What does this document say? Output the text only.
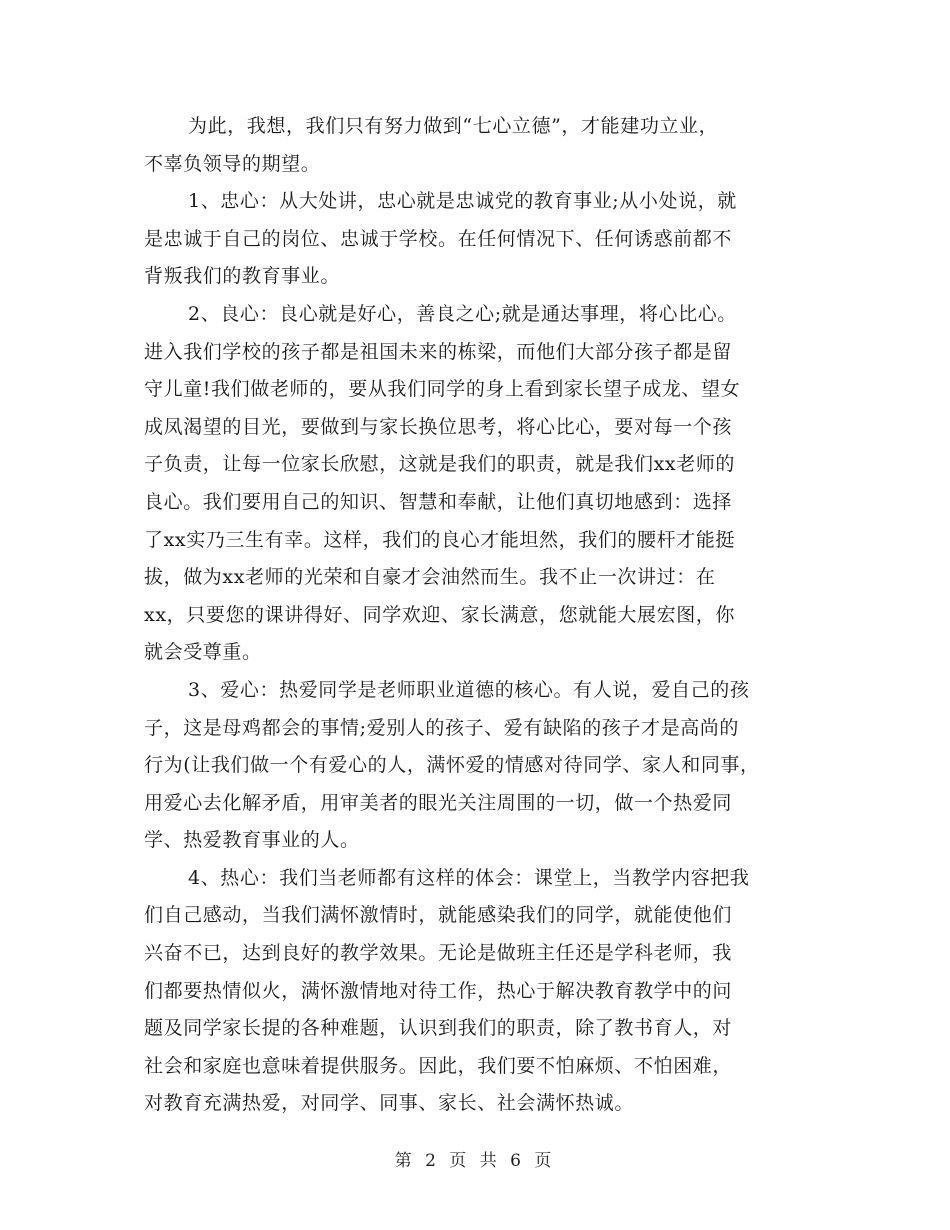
为此，我想，我们只有努力做到“七心立德”，才能建功立业，
不辜负领导的期望。
1、忠心：从大处讲，忠心就是忠诚党的教育事业;从小处说，就
是忠诚于自己的岗位、忠诚于学校。在任何情况下、任何诱惑前都不
背叛我们的教育事业。
2、良心：良心就是好心，善良之心;就是通达事理，将心比心。
进入我们学校的孩子都是祖国未来的栋梁，而他们大部分孩子都是留
守儿童!我们做老师的，要从我们同学的身上看到家长望子成龙、望女
成凤渴望的目光，要做到与家长换位思考，将心比心，要对每一个孩
子负责，让每一位家长欣慰，这就是我们的职责，就是我们xx老师的
良心。我们要用自己的知识、智慧和奉献，让他们真切地感到：选择
了xx实乃三生有幸。这样，我们的良心才能坦然，我们的腰杆才能挺
拔，做为xx老师的光荣和自豪才会油然而生。我不止一次讲过：在
xx，只要您的课讲得好、同学欢迎、家长满意，您就能大展宏图，你
就会受尊重。
3、爱心：热爱同学是老师职业道德的核心。有人说，爱自己的孩
子，这是母鸡都会的事情;爱别人的孩子、爱有缺陷的孩子才是高尚的
行为(让我们做一个有爱心的人，满怀爱的情感对待同学、家人和同事，
用爱心去化解矛盾，用审美者的眼光关注周围的一切，做一个热爱同
学、热爱教育事业的人。
4、热心：我们当老师都有这样的体会：课堂上，当教学内容把我
们自己感动，当我们满怀激情时，就能感染我们的同学，就能使他们
兴奋不已，达到良好的教学效果。无论是做班主任还是学科老师，我
们都要热情似火，满怀激情地对待工作，热心于解决教育教学中的问
题及同学家长提的各种难题，认识到我们的职责，除了教书育人，对
社会和家庭也意味着提供服务。因此，我们要不怕麻烦、不怕困难，
对教育充满热爱，对同学、同事、家长、社会满怀热诚。
第 2 页 共 6 页
